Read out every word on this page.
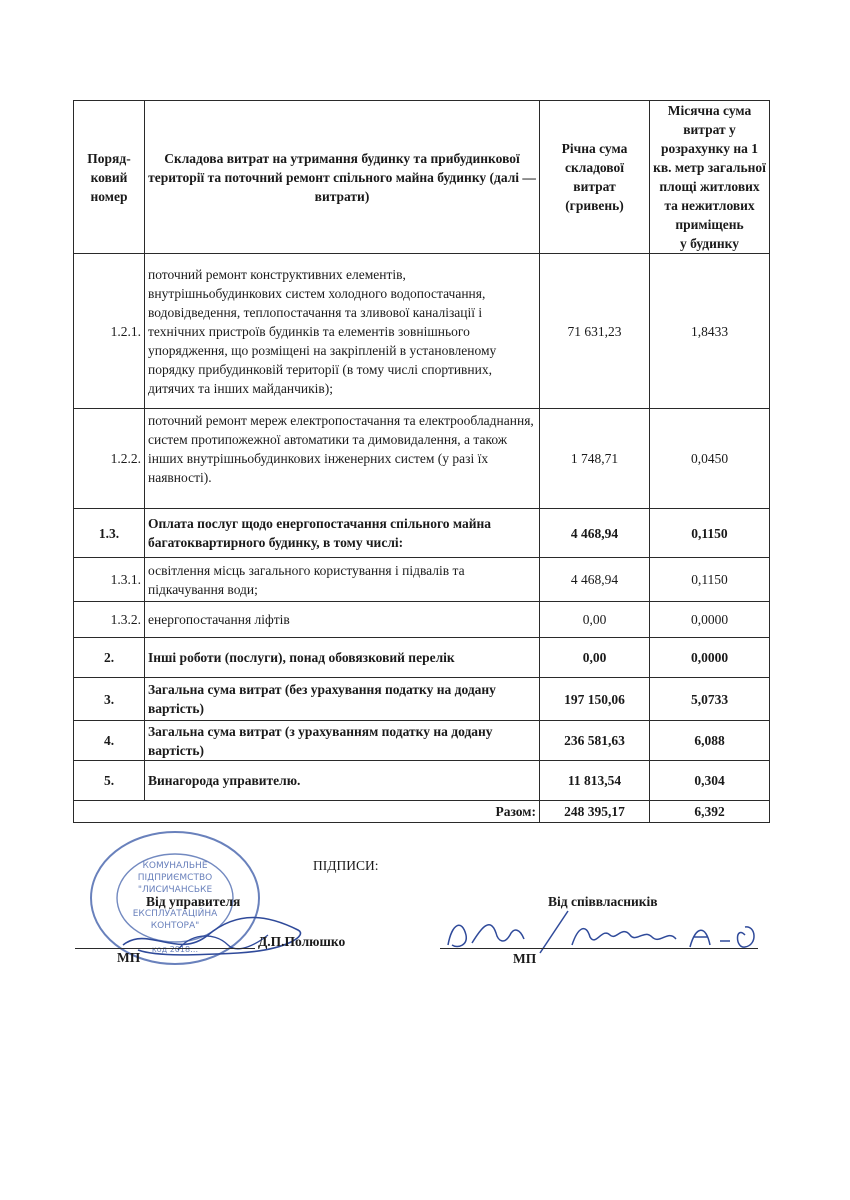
Поряд-
ковий
номер	Складова витрат на утримання будинку та прибудинкової території та поточний ремонт спільного майна будинку (далі — витрати)	Річна сума складової витрат (гривень)	Місячна сума витрат у розрахунку на 1 кв. метр загальної площі житлових та нежитлових приміщень
у будинку
1.2.1.	поточний ремонт конструктивних елементів, внутрішньобудинкових систем холодного водопостачання, водовідведення, теплопостачання та зливової каналізації і технічних пристроїв будинків та елементів зовнішнього упорядження, що розміщені на закріпленій в установленому порядку прибудинковій території (в тому числі спортивних, дитячих та інших майданчиків);	71 631,23	1,8433
1.2.2.	поточний ремонт мереж електропостачання та електрообладнання, систем протипожежної автоматики та димовидалення, а також інших внутрішньобудинкових інженерних систем (у разі їх наявності).	1 748,71	0,0450
1.3.	Оплата послуг щодо енергопостачання спільного майна багатоквартирного будинку, в тому числі:	4 468,94	0,1150
1.3.1.	освітлення місць загального користування і підвалів та підкачування води;	4 468,94	0,1150
1.3.2.	енергопостачання ліфтів	0,00	0,0000
2.	Інші роботи (послуги), понад обовязковий перелік	0,00	0,0000
3.	Загальна сума витрат (без урахування податку на додану вартість)	197 150,06	5,0733
4.	Загальна сума витрат (з урахуванням податку на додану вартість)	236 581,63	6,088
5.	Винагорода управителю.	11 813,54	0,304
Разом:		248 395,17	6,392
КОМУНАЛЬНЕ
ПІДПРИЄМСТВО
"ЛИСИЧАНСЬКЕ
ЕКСПЛУАТАЦІЙНА
КОНТОРА"
код 2018…
ПІДПИСИ:
Від управителя	Від співвласників
Д.П.Полюшко
МП	МП
